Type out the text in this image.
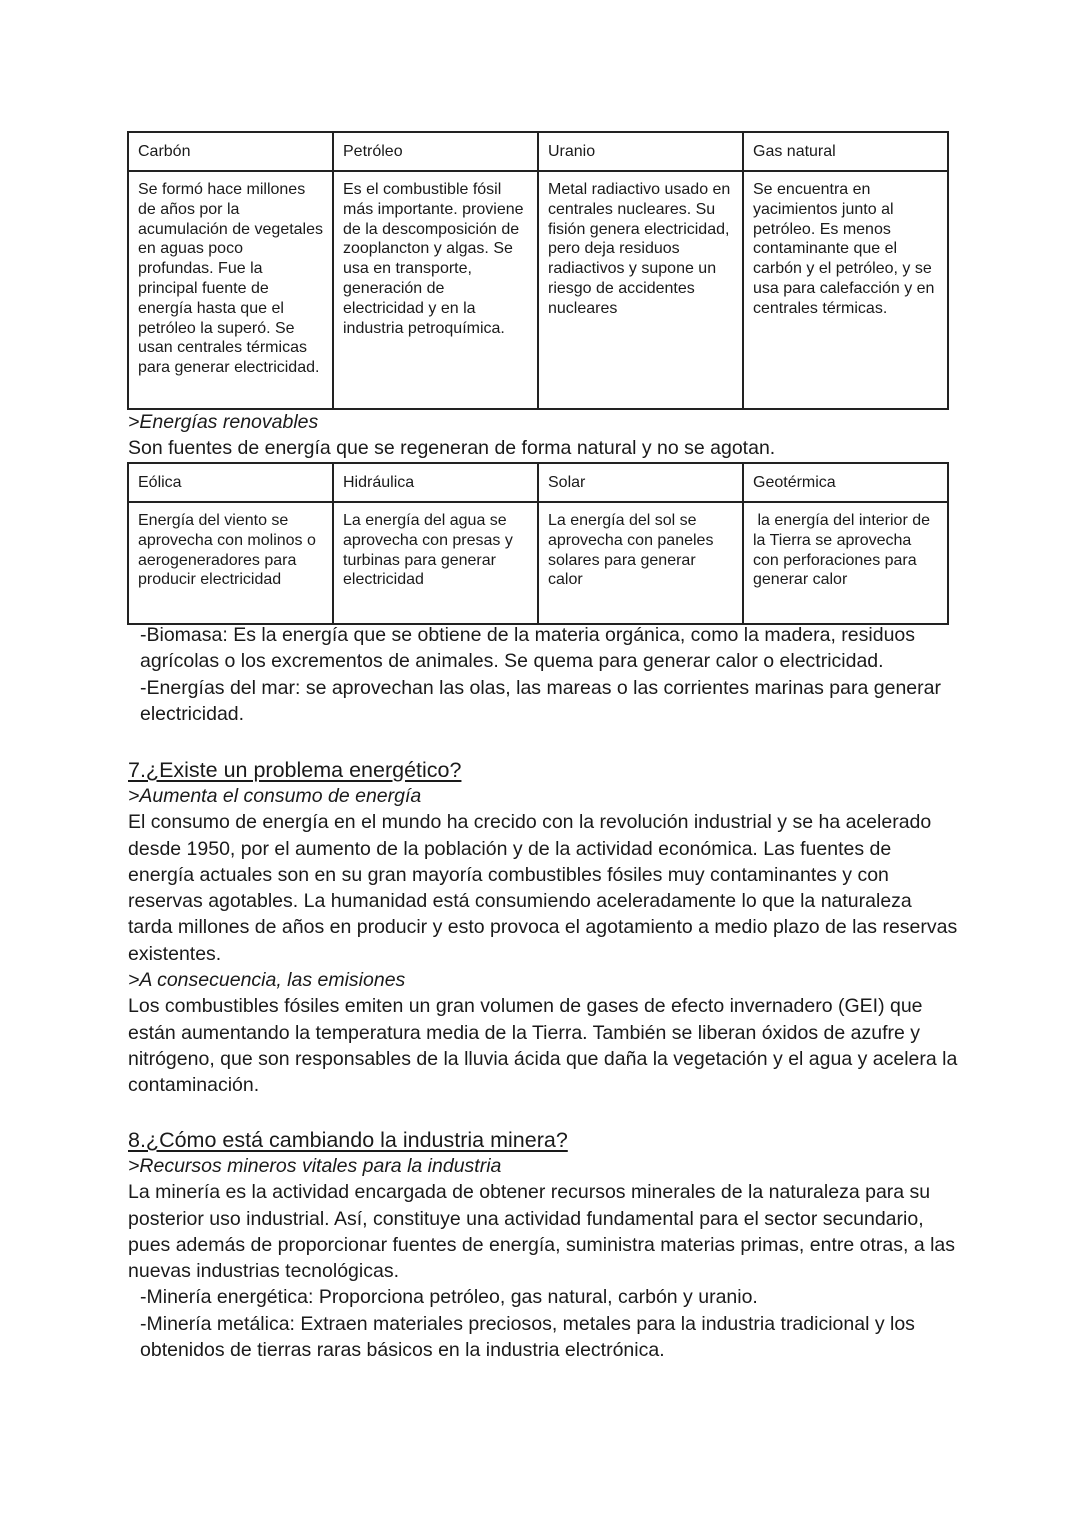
Carbón	Petróleo	Uranio	Gas natural
Se formó hace millones de años por la acumulación de vegetales en aguas poco profundas. Fue la principal fuente de energía hasta que el petróleo la superó. Se usan centrales térmicas para generar electricidad.	Es el combustible fósil más importante. proviene de la descomposición de zooplancton y algas. Se usa en transporte, generación de electricidad y en la industria petroquímica.	Metal radiactivo usado en centrales nucleares. Su fisión genera electricidad, pero deja residuos radiactivos y supone un riesgo de accidentes nucleares	Se encuentra en yacimientos junto al petróleo. Es menos contaminante que el carbón y el petróleo, y se usa para calefacción y en centrales térmicas.
>Energías renovables
Son fuentes de energía que se regeneran de forma natural y no se agotan.
Eólica	Hidráulica	Solar	Geotérmica
Energía del viento se aprovecha con molinos o aerogeneradores para producir electricidad	La energía del agua se aprovecha con presas y turbinas para generar electricidad	La energía del sol se aprovecha con paneles solares para generar calor	la energía del interior de la Tierra se aprovecha con perforaciones para generar calor

-Biomasa: Es la energía que se obtiene de la materia orgánica, como la madera, residuos agrícolas o los excrementos de animales. Se quema para generar calor o electricidad.

-Energías del mar: se aprovechan las olas, las mareas o las corrientes marinas para generar electricidad.

7.¿Existe un problema energético?

>Aumenta el consumo de energía

El consumo de energía en el mundo ha crecido con la revolución industrial y se ha acelerado desde 1950, por el aumento de la población y de la actividad económica. Las fuentes de energía actuales son en su gran mayoría combustibles fósiles muy contaminantes y con reservas agotables. La humanidad está consumiendo aceleradamente lo que la naturaleza tarda millones de años en producir y esto provoca el agotamiento a medio plazo de las reservas existentes.

>A consecuencia, las emisiones

Los combustibles fósiles emiten un gran volumen de gases de efecto invernadero (GEI) que están aumentando la temperatura media de la Tierra. También se liberan óxidos de azufre y nitrógeno, que son responsables de la lluvia ácida que daña la vegetación y el agua y acelera la contaminación.

8.¿Cómo está cambiando la industria minera?

>Recursos mineros vitales para la industria

La minería es la actividad encargada de obtener recursos minerales de la naturaleza para su posterior uso industrial. Así, constituye una actividad fundamental para el sector secundario, pues además de proporcionar fuentes de energía, suministra materias primas, entre otras, a las nuevas industrias tecnológicas.

-Minería energética: Proporciona petróleo, gas natural, carbón y uranio.

-Minería metálica: Extraen materiales preciosos, metales para la industria tradicional y los obtenidos de tierras raras básicos en la industria electrónica.
